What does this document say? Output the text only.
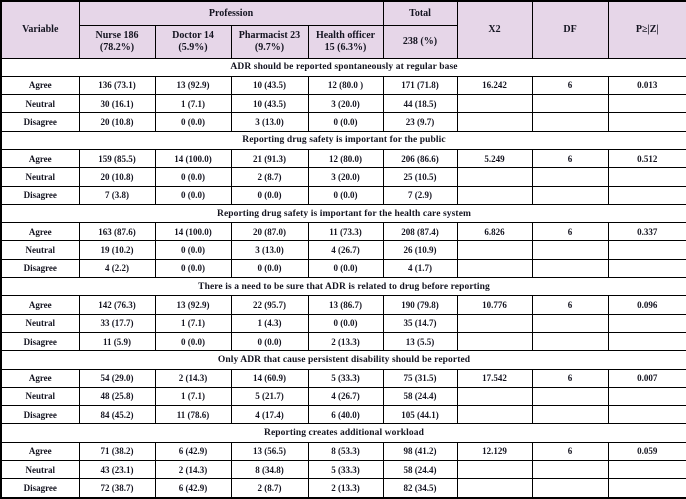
Variable	Profession				Total	X2	DF	P≥|Z|
	Nurse 186 (78.2%)	Doctor 14 (5.9%)	Pharmacist 23 (9.7%)	Health officer 15 (6.3%)	238 (%)			
ADR should be reported spontaneously at regular base								
Agree	136 (73.1)	13 (92.9)	10 (43.5)	12 (80.0 )	171 (71.8)	16.242	6	0.013
Neutral	30 (16.1)	1 (7.1)	10 (43.5)	3 (20.0)	44 (18.5)			
Disagree	20 (10.8)	0 (0.0)	3 (13.0)	0 (0.0)	23 (9.7)			
Reporting drug safety is important for the public								
Agree	159 (85.5)	14 (100.0)	21 (91.3)	12 (80.0)	206 (86.6)	5.249	6	0.512
Neutral	20 (10.8)	0 (0.0)	2 (8.7)	3 (20.0)	25 (10.5)			
Disagree	7 (3.8)	0 (0.0)	0 (0.0)	0 (0.0)	7 (2.9)			
Reporting drug safety is important for the health care system								
Agree	163 (87.6)	14 (100.0)	20 (87.0)	11 (73.3)	208 (87.4)	6.826	6	0.337
Neutral	19 (10.2)	0 (0.0)	3 (13.0)	4 (26.7)	26 (10.9)			
Disagree	4 (2.2)	0 (0.0)	0 (0.0)	0 (0.0)	4 (1.7)			
There is a need to be sure that ADR is related to drug before reporting								
Agree	142 (76.3)	13 (92.9)	22 (95.7)	13 (86.7)	190 (79.8)	10.776	6	0.096
Neutral	33 (17.7)	1 (7.1)	1 (4.3)	0 (0.0)	35 (14.7)			
Disagree	11 (5.9)	0 (0.0)	0 (0.0)	2 (13.3)	13 (5.5)			
Only ADR that cause persistent disability should be reported								
Agree	54 (29.0)	2 (14.3)	14 (60.9)	5 (33.3)	75 (31.5)	17.542	6	0.007
Neutral	48 (25.8)	1 (7.1)	5 (21.7)	4 (26.7)	58 (24.4)			
Disagree	84 (45.2)	11 (78.6)	4 (17.4)	6 (40.0)	105 (44.1)			
Reporting creates additional workload								
Agree	71 (38.2)	6 (42.9)	13 (56.5)	8 (53.3)	98 (41.2)	12.129	6	0.059
Neutral	43 (23.1)	2 (14.3)	8 (34.8)	5 (33.3)	58 (24.4)			
Disagree	72 (38.7)	6 (42.9)	2 (8.7)	2 (13.3)	82 (34.5)			
